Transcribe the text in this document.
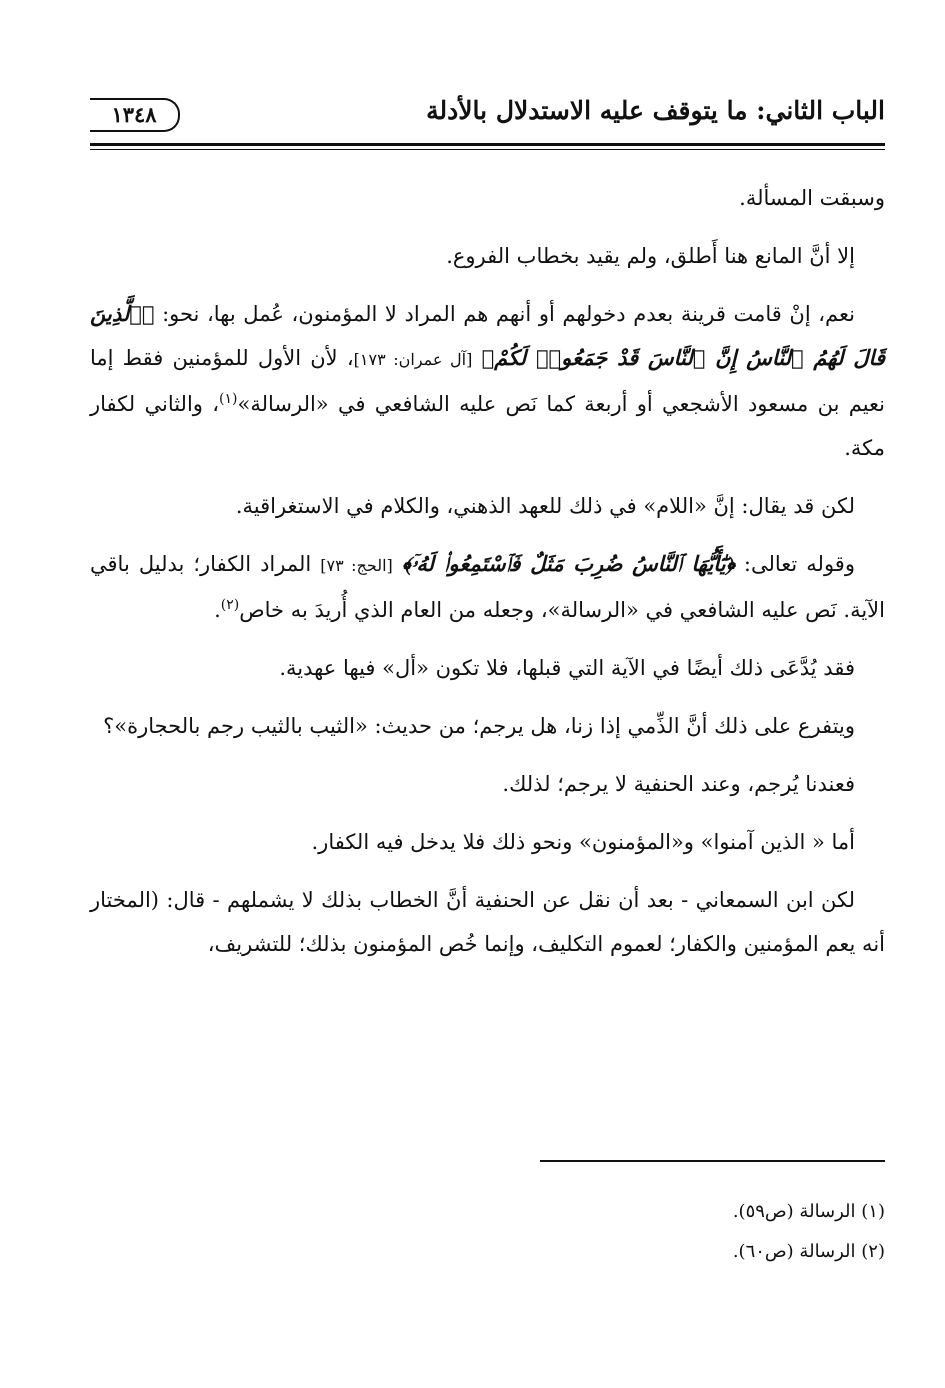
الباب الثاني: ما يتوقف عليه الاستدلال بالأدلة
١٣٤٨

وسبقت المسألة.

إلا أنَّ المانع هنا أَطلق، ولم يقيد بخطاب الفروع.

نعم، إنْ قامت قرينة بعدم دخولهم أو أنهم هم المراد لا المؤمنون، عُمل بها، نحو: ﴿ٱلَّذِينَ قَالَ لَهُمُ ٱلنَّاسُ إِنَّ ٱلنَّاسَ قَدْ جَمَعُوا۟ لَكُمْ﴾ [آل عمران: ١٧٣]، لأن الأول للمؤمنين فقط إما نعيم بن مسعود الأشجعي أو أربعة كما نَص عليه الشافعي في «الرسالة»$^{(١)}$، والثاني لكفار مكة.

لكن قد يقال: إنَّ «اللام» في ذلك للعهد الذهني، والكلام في الاستغراقية.

وقوله تعالى: ﴿يَٰٓأَيُّهَا ٱلنَّاسُ ضُرِبَ مَثَلٌ فَٱسْتَمِعُوا۟ لَهُۥٓ﴾ [الحج: ٧٣] المراد الكفار؛ بدليل باقي الآية. نَص عليه الشافعي في «الرسالة»، وجعله من العام الذي أُريدَ به خاص$^{(٢)}$.

فقد يُدَّعَى ذلك أيضًا في الآية التي قبلها، فلا تكون «أل» فيها عهدية.

ويتفرع على ذلك أنَّ الذِّمي إذا زنا، هل يرجم؛ من حديث: «الثيب بالثيب رجم بالحجارة»؟

فعندنا يُرجم، وعند الحنفية لا يرجم؛ لذلك.

أما « الذين آمنوا» و«المؤمنون» ونحو ذلك فلا يدخل فيه الكفار.

لكن ابن السمعاني - بعد أن نقل عن الحنفية أنَّ الخطاب بذلك لا يشملهم - قال: (المختار أنه يعم المؤمنين والكفار؛ لعموم التكليف، وإنما خُص المؤمنون بذلك؛ للتشريف،

(١) الرسالة (ص٥٩).

(٢) الرسالة (ص٦٠).
